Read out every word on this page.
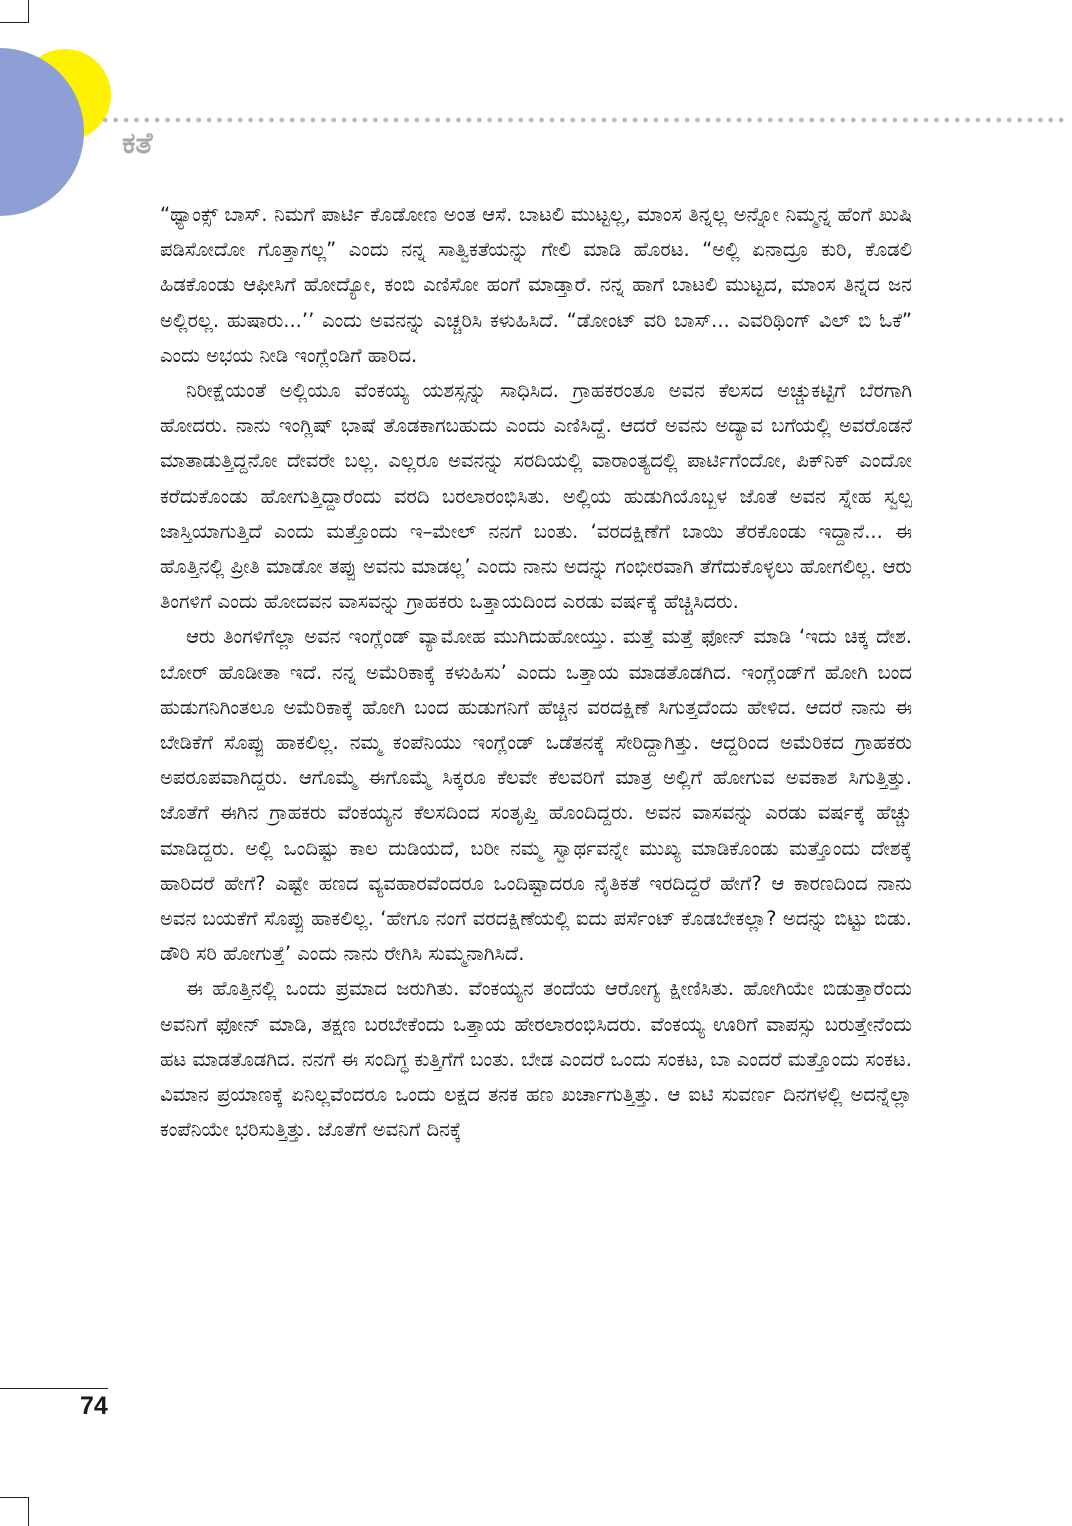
ಕತೆ

“ಥ್ಯಾಂಕ್ಸ್ ಬಾಸ್. ನಿಮಗೆ ಪಾರ್ಟಿ ಕೊಡೋಣ ಅಂತ ಆಸೆ. ಬಾಟಲಿ ಮುಟ್ಟಲ್ಲ, ಮಾಂಸ ತಿನ್ನಲ್ಲ ಅನ್ನೋ ನಿಮ್ಮನ್ನ ಹೆಂಗೆ ಖುಷಿ ಪಡಿಸೋದೋ ಗೊತ್ತಾಗಲ್ಲ” ಎಂದು ನನ್ನ ಸಾತ್ವಿಕತೆಯನ್ನು ಗೇಲಿ ಮಾಡಿ ಹೊರಟ. “ಅಲ್ಲಿ ಏನಾದ್ರೂ ಕುರಿ, ಕೊಡಲಿ ಹಿಡಕೊಂಡು ಆಫೀಸಿಗೆ ಹೋದ್ಯೋ, ಕಂಬಿ ಎಣಿಸೋ ಹಂಗೆ ಮಾಡ್ತಾರೆ. ನನ್ನ ಹಾಗೆ ಬಾಟಲಿ ಮುಟ್ಟದ, ಮಾಂಸ ತಿನ್ನದ ಜನ ಅಲ್ಲಿರಲ್ಲ. ಹುಷಾರು...’’ ಎಂದು ಅವನನ್ನು ಎಚ್ಚರಿಸಿ ಕಳುಹಿಸಿದೆ. “ಡೋಂಟ್ ವರಿ ಬಾಸ್... ಎವರಿಥಿಂಗ್ ವಿಲ್ ಬಿ ಓಕೆ” ಎಂದು ಅಭಯ ನೀಡಿ ಇಂಗ್ಲೆಂಡಿಗೆ ಹಾರಿದ.

ನಿರೀಕ್ಷೆಯಂತೆ ಅಲ್ಲಿಯೂ ವೆಂಕಯ್ಯ ಯಶಸ್ಸನ್ನು ಸಾಧಿಸಿದ. ಗ್ರಾಹಕರಂತೂ ಅವನ ಕೆಲಸದ ಅಚ್ಚುಕಟ್ಟಿಗೆ ಬೆರಗಾಗಿ ಹೋದರು. ನಾನು ಇಂಗ್ಲಿಷ್ ಭಾಷೆ ತೊಡಕಾಗಬಹುದು ಎಂದು ಎಣಿಸಿದ್ದೆ. ಆದರೆ ಅವನು ಅದ್ಯಾವ ಬಗೆಯಲ್ಲಿ ಅವರೊಡನೆ ಮಾತಾಡುತ್ತಿದ್ದನೋ ದೇವರೇ ಬಲ್ಲ. ಎಲ್ಲರೂ ಅವನನ್ನು ಸರದಿಯಲ್ಲಿ ವಾರಾಂತ್ಯದಲ್ಲಿ ಪಾರ್ಟಿಗೆಂದೋ, ಪಿಕ್‌ನಿಕ್ ಎಂದೋ ಕರೆದುಕೊಂಡು ಹೋಗುತ್ತಿದ್ದಾರೆಂದು ವರದಿ ಬರಲಾರಂಭಿಸಿತು. ಅಲ್ಲಿಯ ಹುಡುಗಿಯೊಬ್ಬಳ ಜೊತೆ ಅವನ ಸ್ನೇಹ ಸ್ವಲ್ಪ ಜಾಸ್ತಿಯಾಗುತ್ತಿದೆ ಎಂದು ಮತ್ತೊಂದು ಇ–ಮೇಲ್ ನನಗೆ ಬಂತು. ‘ವರದಕ್ಷಿಣೆಗೆ ಬಾಯಿ ತೆರಕೊಂಡು ಇದ್ದಾನೆ... ಈ ಹೊತ್ತಿನಲ್ಲಿ ಪ್ರೀತಿ ಮಾಡೋ ತಪ್ಪು ಅವನು ಮಾಡಲ್ಲ’ ಎಂದು ನಾನು ಅದನ್ನು ಗಂಭೀರವಾಗಿ ತೆಗೆದುಕೊಳ್ಳಲು ಹೋಗಲಿಲ್ಲ. ಆರು ತಿಂಗಳಿಗೆ ಎಂದು ಹೋದವನ ವಾಸವನ್ನು ಗ್ರಾಹಕರು ಒತ್ತಾಯದಿಂದ ಎರಡು ವರ್ಷಕ್ಕೆ ಹೆಚ್ಚಿಸಿದರು.

ಆರು ತಿಂಗಳಿಗೆಲ್ಲಾ ಅವನ ಇಂಗ್ಲೆಂಡ್ ವ್ಯಾಮೋಹ ಮುಗಿದುಹೋಯ್ತು. ಮತ್ತೆ ಮತ್ತೆ ಫೋನ್ ಮಾಡಿ ‘ಇದು ಚಿಕ್ಕ ದೇಶ. ಬೋರ್ ಹೊಡೀತಾ ಇದೆ. ನನ್ನ ಅಮೆರಿಕಾಕ್ಕೆ ಕಳುಹಿಸು’ ಎಂದು ಒತ್ತಾಯ ಮಾಡತೊಡಗಿದ. ಇಂಗ್ಲೆಂಡ್‌ಗೆ ಹೋಗಿ ಬಂದ ಹುಡುಗನಿಗಿಂತಲೂ ಅಮೆರಿಕಾಕ್ಕೆ ಹೋಗಿ ಬಂದ ಹುಡುಗನಿಗೆ ಹೆಚ್ಚಿನ ವರದಕ್ಷಿಣೆ ಸಿಗುತ್ತದೆಂದು ಹೇಳಿದ. ಆದರೆ ನಾನು ಈ ಬೇಡಿಕೆಗೆ ಸೊಪ್ಪು ಹಾಕಲಿಲ್ಲ. ನಮ್ಮ ಕಂಪೆನಿಯು ಇಂಗ್ಲೆಂಡ್ ಒಡೆತನಕ್ಕೆ ಸೇರಿದ್ದಾಗಿತ್ತು. ಆದ್ದರಿಂದ ಅಮೆರಿಕದ ಗ್ರಾಹಕರು ಅಪರೂಪವಾಗಿದ್ದರು. ಆಗೊಮ್ಮೆ ಈಗೊಮ್ಮೆ ಸಿಕ್ಕರೂ ಕೆಲವೇ ಕೆಲವರಿಗೆ ಮಾತ್ರ ಅಲ್ಲಿಗೆ ಹೋಗುವ ಅವಕಾಶ ಸಿಗುತ್ತಿತ್ತು. ಜೊತೆಗೆ ಈಗಿನ ಗ್ರಾಹಕರು ವೆಂಕಯ್ಯನ ಕೆಲಸದಿಂದ ಸಂತೃಪ್ತಿ ಹೊಂದಿದ್ದರು. ಅವನ ವಾಸವನ್ನು ಎರಡು ವರ್ಷಕ್ಕೆ ಹೆಚ್ಚು ಮಾಡಿದ್ದರು. ಅಲ್ಲಿ ಒಂದಿಷ್ಟು ಕಾಲ ದುಡಿಯದೆ, ಬರೀ ನಮ್ಮ ಸ್ವಾರ್ಥವನ್ನೇ ಮುಖ್ಯ ಮಾಡಿಕೊಂಡು ಮತ್ತೊಂದು ದೇಶಕ್ಕೆ ಹಾರಿದರೆ ಹೇಗೆ? ಎಷ್ಟೇ ಹಣದ ವ್ಯವಹಾರವೆಂದರೂ ಒಂದಿಷ್ಟಾದರೂ ನೈತಿಕತೆ ಇರದಿದ್ದರೆ ಹೇಗೆ? ಆ ಕಾರಣದಿಂದ ನಾನು ಅವನ ಬಯಕೆಗೆ ಸೊಪ್ಪು ಹಾಕಲಿಲ್ಲ. ‘ಹೇಗೂ ನಂಗೆ ವರದಕ್ಷಿಣೆಯಲ್ಲಿ ಐದು ಪರ್ಸೆಂಟ್ ಕೊಡಬೇಕಲ್ಲಾ? ಅದನ್ನು ಬಿಟ್ಟು ಬಿಡು. ಡೌರಿ ಸರಿ ಹೋಗುತ್ತೆ’ ಎಂದು ನಾನು ರೇಗಿಸಿ ಸುಮ್ಮನಾಗಿಸಿದೆ.

ಈ ಹೊತ್ತಿನಲ್ಲಿ ಒಂದು ಪ್ರಮಾದ ಜರುಗಿತು. ವೆಂಕಯ್ಯನ ತಂದೆಯ ಆರೋಗ್ಯ ಕ್ಷೀಣಿಸಿತು. ಹೋಗಿಯೇ ಬಿಡುತ್ತಾರೆಂದು ಅವನಿಗೆ ಫೋನ್ ಮಾಡಿ, ತಕ್ಷಣ ಬರಬೇಕೆಂದು ಒತ್ತಾಯ ಹೇರಲಾರಂಭಿಸಿದರು. ವೆಂಕಯ್ಯ ಊರಿಗೆ ವಾಪಸ್ಸು ಬರುತ್ತೇನೆಂದು ಹಟ ಮಾಡತೊಡಗಿದ. ನನಗೆ ಈ ಸಂದಿಗ್ಧ ಕುತ್ತಿಗೆಗೆ ಬಂತು. ಬೇಡ ಎಂದರೆ ಒಂದು ಸಂಕಟ, ಬಾ ಎಂದರೆ ಮತ್ತೊಂದು ಸಂಕಟ. ವಿಮಾನ ಪ್ರಯಾಣಕ್ಕೆ ಏನಿಲ್ಲವೆಂದರೂ ಒಂದು ಲಕ್ಷದ ತನಕ ಹಣ ಖರ್ಚಾಗುತ್ತಿತ್ತು. ಆ ಐಟಿ ಸುವರ್ಣ ದಿನಗಳಲ್ಲಿ ಅದನ್ನೆಲ್ಲಾ ಕಂಪೆನಿಯೇ ಭರಿಸುತ್ತಿತ್ತು. ಜೊತೆಗೆ ಅವನಿಗೆ ದಿನಕ್ಕೆ

74
